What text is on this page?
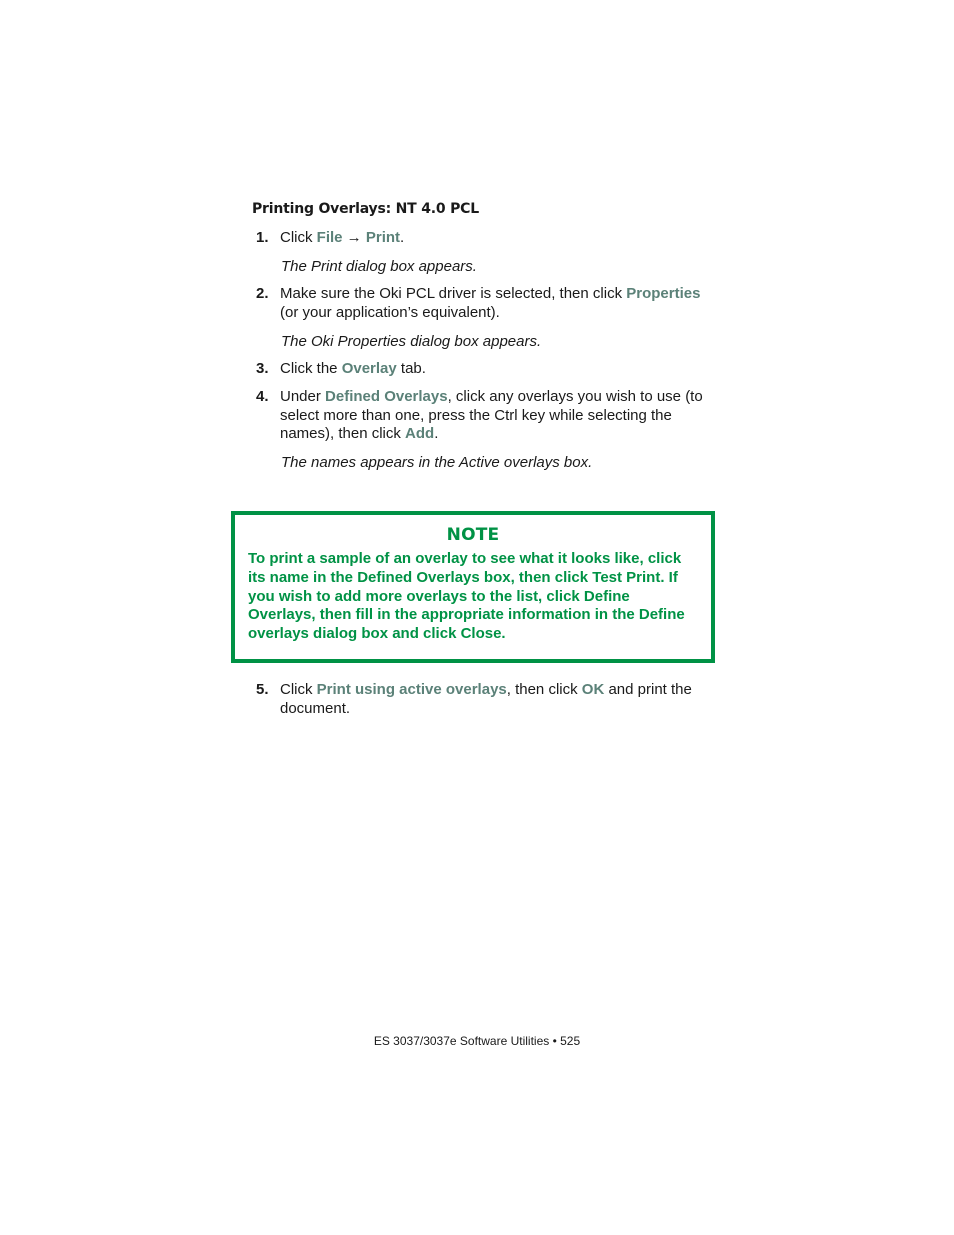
Printing Overlays: NT 4.0 PCL
1. Click File → Print.
The Print dialog box appears.
2. Make sure the Oki PCL driver is selected, then click Properties (or your application’s equivalent).
The Oki Properties dialog box appears.
3. Click the Overlay tab.
4. Under Defined Overlays, click any overlays you wish to use (to select more than one, press the Ctrl key while selecting the names), then click Add.
The names appears in the Active overlays box.
NOTE
To print a sample of an overlay to see what it looks like, click its name in the Defined Overlays box, then click Test Print. If you wish to add more overlays to the list, click Define Overlays, then fill in the appropriate information in the Define overlays dialog box and click Close.
5. Click Print using active overlays, then click OK and print the document.
ES 3037/3037e Software Utilities • 525
